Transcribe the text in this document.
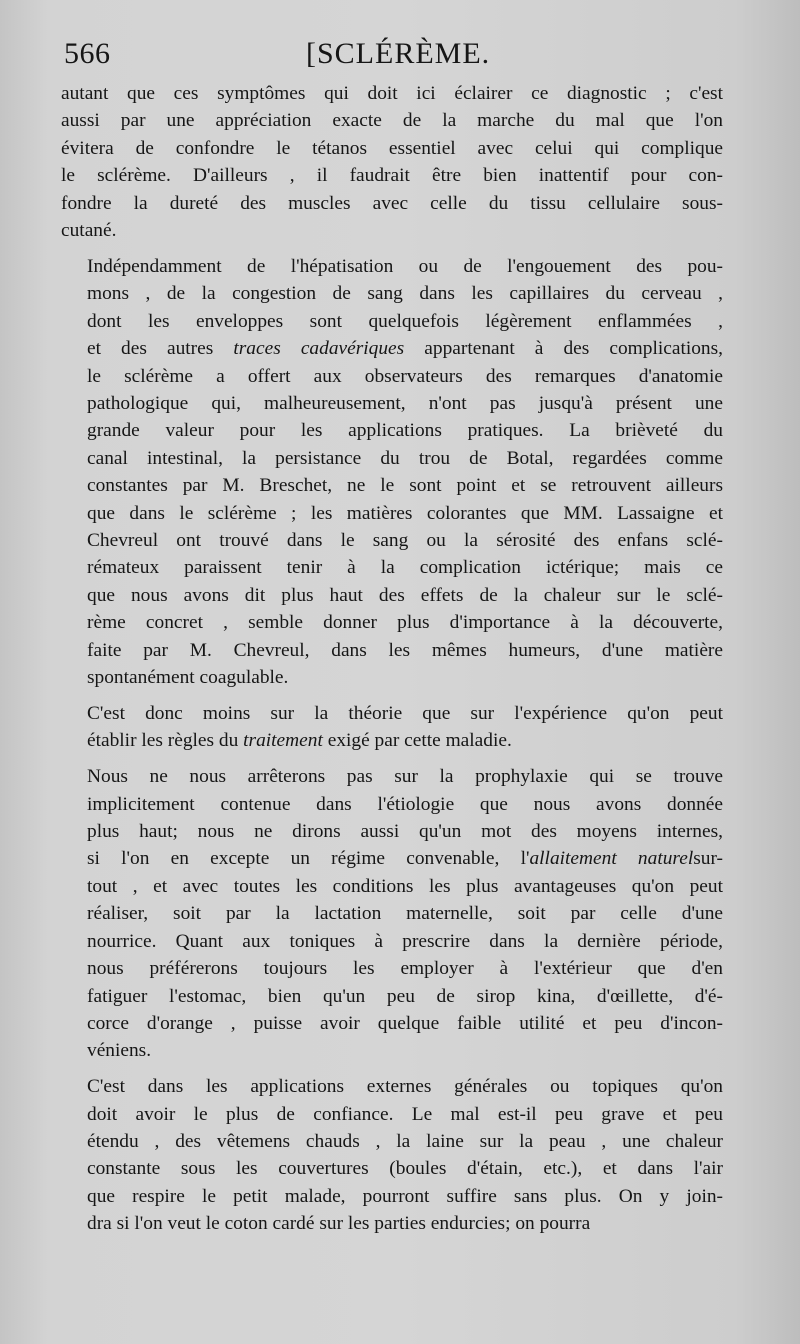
566	[SCLÉRÈME.

autant que ces symptômes qui doit ici éclairer ce diagnostic ; c'est
aussi par une appréciation exacte de la marche du mal que l'on
évitera de confondre le tétanos essentiel avec celui qui complique
le sclérème. D'ailleurs , il faudrait être bien inattentif pour con-
fondre la dureté des muscles avec celle du tissu cellulaire sous-
cutané.

Indépendamment de l'hépatisation ou de l'engouement des pou-
mons , de la congestion de sang dans les capillaires du cerveau ,
dont les enveloppes sont quelquefois légèrement enflammées ,
et des autres traces cadavériques appartenant à des complications,
le sclérème a offert aux observateurs des remarques d'anatomie
pathologique qui, malheureusement, n'ont pas jusqu'à présent une
grande valeur pour les applications pratiques. La brièveté du
canal intestinal, la persistance du trou de Botal, regardées comme
constantes par M. Breschet, ne le sont point et se retrouvent ailleurs
que dans le sclérème ; les matières colorantes que MM. Lassaigne et
Chevreul ont trouvé dans le sang ou la sérosité des enfans sclé-
rémateux paraissent tenir à la complication ictérique; mais ce
que nous avons dit plus haut des effets de la chaleur sur le sclé-
rème concret , semble donner plus d'importance à la découverte,
faite par M. Chevreul, dans les mêmes humeurs, d'une matière
spontanément coagulable.

C'est donc moins sur la théorie que sur l'expérience qu'on peut
établir les règles du traitement exigé par cette maladie.

Nous ne nous arrêterons pas sur la prophylaxie qui se trouve
implicitement contenue dans l'étiologie que nous avons donnée
plus haut; nous ne dirons aussi qu'un mot des moyens internes,
si l'on en excepte un régime convenable, l'allaitement naturelsur-
tout , et avec toutes les conditions les plus avantageuses qu'on peut
réaliser, soit par la lactation maternelle, soit par celle d'une
nourrice. Quant aux toniques à prescrire dans la dernière période,
nous préférerons toujours les employer à l'extérieur que d'en
fatiguer l'estomac, bien qu'un peu de sirop kina, d'œillette, d'é-
corce d'orange , puisse avoir quelque faible utilité et peu d'incon-
véniens.

C'est dans les applications externes générales ou topiques qu'on
doit avoir le plus de confiance. Le mal est-il peu grave et peu
étendu , des vêtemens chauds , la laine sur la peau , une chaleur
constante sous les couvertures (boules d'étain, etc.), et dans l'air
que respire le petit malade, pourront suffire sans plus. On y join-
dra si l'on veut le coton cardé sur les parties endurcies; on pourra
